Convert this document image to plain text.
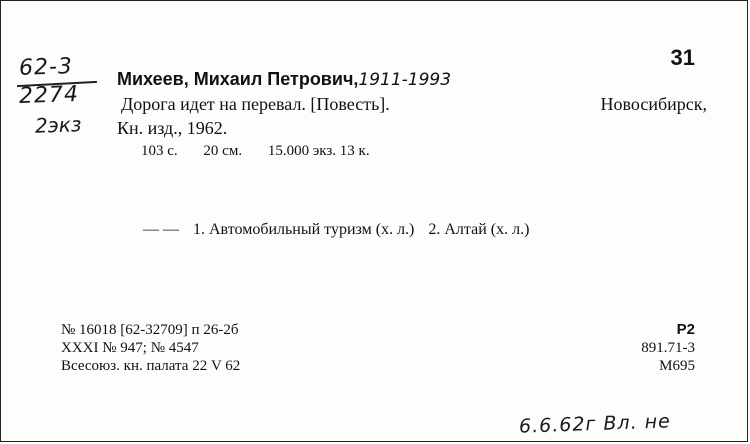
62-3
2274
2экз
31
Михеев, Михаил Петрович,1911-1993
Дорога идет на перевал. [Повесть].	Новосибирск,
Кн. изд., 1962.
103 с. 20 см. 15.000 экз. 13 к.
— — 1. Автомобильный туризм (х. л.) 2. Алтай (х. л.)
№ 16018 [62-32709] п 26-2б
XXXI № 947; № 4547
Всесоюз. кн. палата 22 V 62
Р2
891.71-3
М695
6.6.62г Вл. не
